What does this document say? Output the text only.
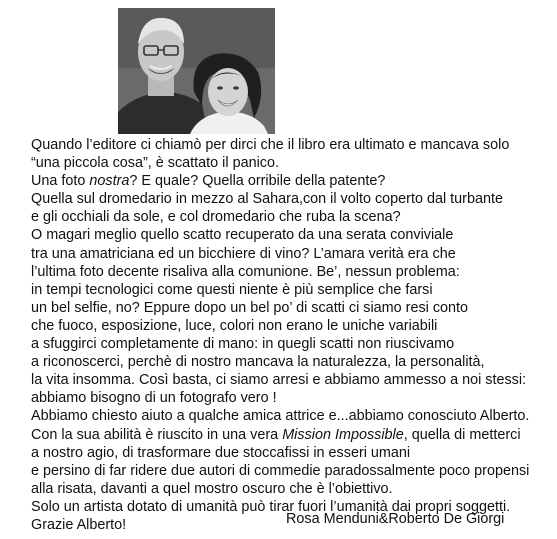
Quando l’editore ci chiamò per dirci che il libro era ultimato e mancava solo
“una piccola cosa”, è scattato il panico.
Una foto nostra? E quale? Quella orribile della patente?
Quella sul dromedario in mezzo al Sahara,con il volto coperto dal turbante
e gli occhiali da sole, e col dromedario che ruba la scena?
O magari meglio quello scatto recuperato da una serata conviviale
tra una amatriciana ed un bicchiere di vino? L’amara verità era che
l’ultima foto decente risaliva alla comunione. Be’, nessun problema:
in tempi tecnologici come questi niente è più semplice che farsi
un bel selfie, no? Eppure dopo un bel po’ di scatti ci siamo resi conto
che fuoco, esposizione, luce, colori non erano le uniche variabili
a sfuggirci completamente di mano: in quegli scatti non riuscivamo
a riconoscerci, perchè di nostro mancava la naturalezza, la personalità,
la vita insomma. Così basta, ci siamo arresi e abbiamo ammesso a noi stessi:
abbiamo bisogno di un fotografo vero !
Abbiamo chiesto aiuto a qualche amica attrice e...abbiamo conosciuto Alberto.
Con la sua abilità è riuscito in una vera Mission Impossible, quella di metterci
a nostro agio, di trasformare due stoccafissi in esseri umani
e persino di far ridere due autori di commedie paradossalmente poco propensi
alla risata, davanti a quel mostro oscuro che è l’obiettivo.
Solo un artista dotato di umanità può tirar fuori l’umanità dai propri soggetti.
Grazie Alberto!	Rosa Menduni&Roberto De Giorgi
